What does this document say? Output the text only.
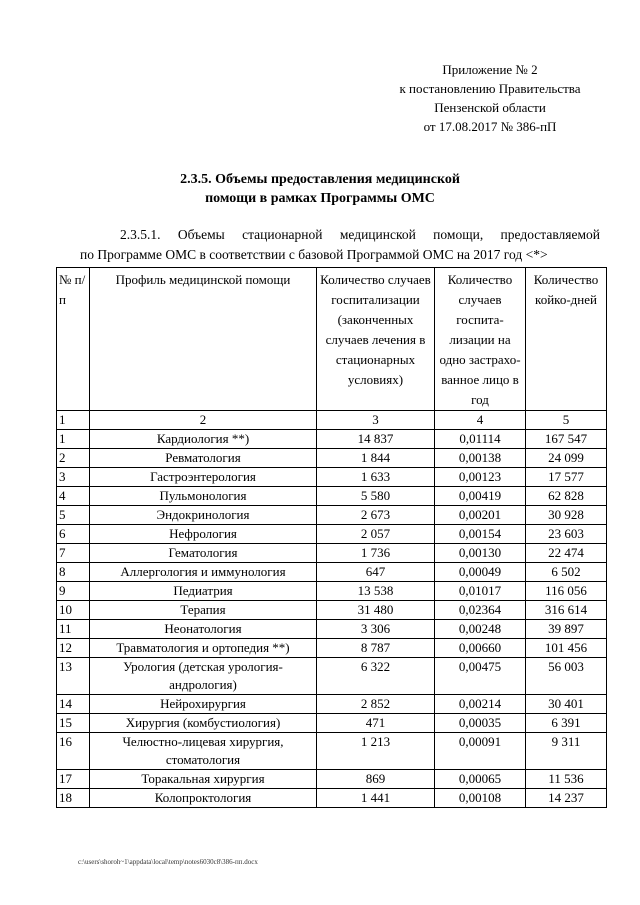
Приложение № 2
к постановлению Правительства
Пензенской области
от 17.08.2017 № 386-пП
2.3.5. Объемы предоставления медицинской
помощи в рамках Программы ОМС
2.3.5.1. Объемы стационарной медицинской помощи, предоставляемой
по Программе ОМС в соответствии с базовой Программой ОМС на 2017 год <*>
№ п/п	Профиль медицинской помощи	Количество случаев госпитализации (законченных случаев лечения в стационарных условиях)	Количество случаев госпита-лизации на одно застрахо-ванное лицо в год	Количество койко-дней
1	2	3	4	5
1	Кардиология **)	14 837	0,01114	167 547
2	Ревматология	1 844	0,00138	24 099
3	Гастроэнтерология	1 633	0,00123	17 577
4	Пульмонология	5 580	0,00419	62 828
5	Эндокринология	2 673	0,00201	30 928
6	Нефрология	2 057	0,00154	23 603
7	Гематология	1 736	0,00130	22 474
8	Аллергология и иммунология	647	0,00049	6 502
9	Педиатрия	13 538	0,01017	116 056
10	Терапия	31 480	0,02364	316 614
11	Неонатология	3 306	0,00248	39 897
12	Травматология и ортопедия **)	8 787	0,00660	101 456
13	Урология (детская урология-андрология)	6 322	0,00475	56 003
14	Нейрохирургия	2 852	0,00214	30 401
15	Хирургия (комбустиология)	471	0,00035	6 391
16	Челюстно-лицевая хирургия, стоматология	1 213	0,00091	9 311
17	Торакальная хирургия	869	0,00065	11 536
18	Колопроктология	1 441	0,00108	14 237
c:\users\shoroh~1\appdata\local\temp\notes6030c8\386-пп.docx
